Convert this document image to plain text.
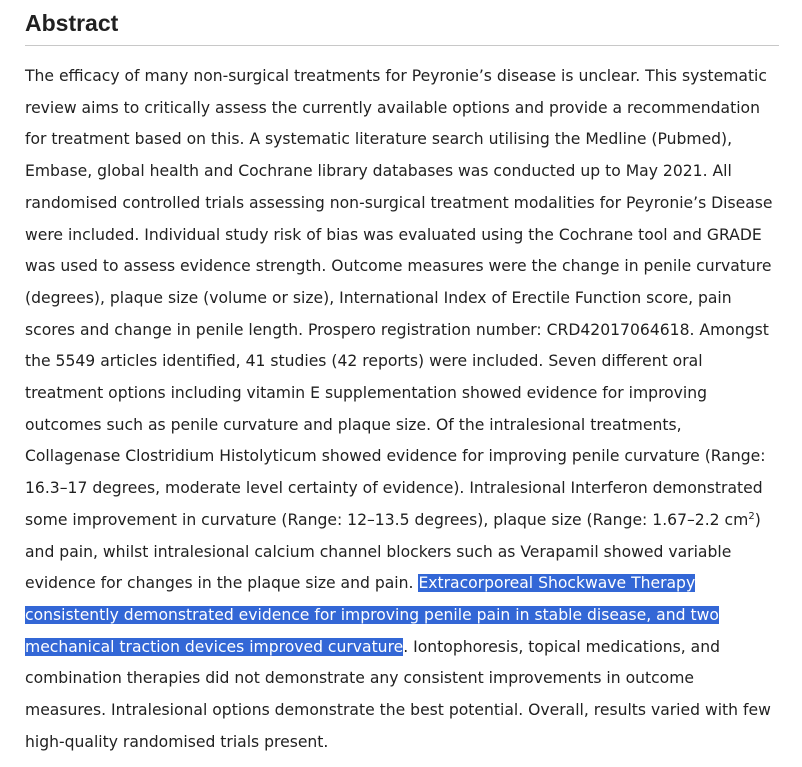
Abstract

The efficacy of many non-surgical treatments for Peyronie’s disease is unclear. This systematic review aims to critically assess the currently available options and provide a recommendation for treatment based on this. A systematic literature search utilising the Medline (Pubmed), Embase, global health and Cochrane library databases was conducted up to May 2021. All randomised controlled trials assessing non-surgical treatment modalities for Peyronie’s Disease were included. Individual study risk of bias was evaluated using the Cochrane tool and GRADE was used to assess evidence strength. Outcome measures were the change in penile curvature (degrees), plaque size (volume or size), International Index of Erectile Function score, pain scores and change in penile length. Prospero registration number: CRD42017064618. Amongst the 5549 articles identified, 41 studies (42 reports) were included. Seven different oral treatment options including vitamin E supplementation showed evidence for improving outcomes such as penile curvature and plaque size. Of the intralesional treatments, Collagenase Clostridium Histolyticum showed evidence for improving penile curvature (Range: 16.3–17 degrees, moderate level certainty of evidence). Intralesional Interferon demonstrated some improvement in curvature (Range: 12–13.5 degrees), plaque size (Range: 1.67–2.2 $cm^2$) and pain, whilst intralesional calcium channel blockers such as Verapamil showed variable evidence for changes in the plaque size and pain. Extracorporeal Shockwave Therapy consistently demonstrated evidence for improving penile pain in stable disease, and two mechanical traction devices improved curvature. Iontophoresis, topical medications, and combination therapies did not demonstrate any consistent improvements in outcome measures. Intralesional options demonstrate the best potential. Overall, results varied with few high-quality randomised trials present.
